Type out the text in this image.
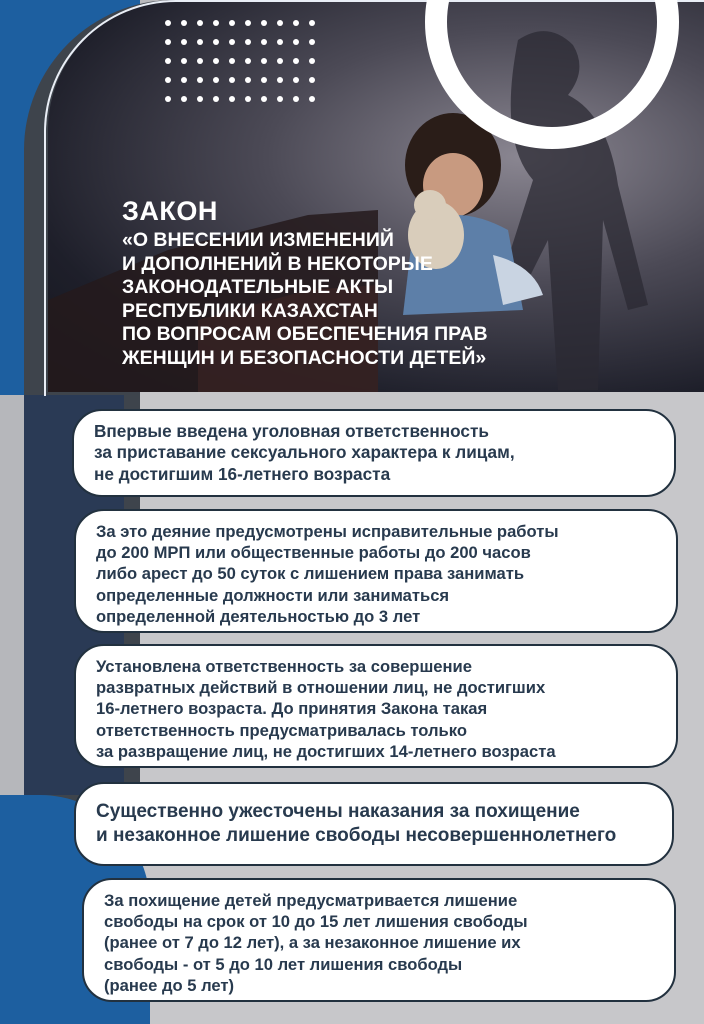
ЗАКОН
«О ВНЕСЕНИИ ИЗМЕНЕНИЙ
И ДОПОЛНЕНИЙ В НЕКОТОРЫЕ
ЗАКОНОДАТЕЛЬНЫЕ АКТЫ
РЕСПУБЛИКИ КАЗАХСТАН
ПО ВОПРОСАМ ОБЕСПЕЧЕНИЯ ПРАВ
ЖЕНЩИН И БЕЗОПАСНОСТИ ДЕТЕЙ»
Впервые введена уголовная ответственность
за приставание сексуального характера к лицам,
не достигшим 16-летнего возраста
За это деяние предусмотрены исправительные работы
до 200 МРП или общественные работы до 200 часов
либо арест до 50 суток с лишением права занимать
определенные должности или заниматься
определенной деятельностью до 3 лет
Установлена ответственность за совершение
развратных действий в отношении лиц, не достигших
16-летнего возраста. До принятия Закона такая
ответственность предусматривалась только
за развращение лиц, не достигших 14-летнего возраста
Существенно ужесточены наказания за похищение
и незаконное лишение свободы несовершеннолетнего
За похищение детей предусматривается лишение
свободы на срок от 10 до 15 лет лишения свободы
(ранее от 7 до 12 лет), а за незаконное лишение их
свободы - от 5 до 10 лет лишения свободы
(ранее до 5 лет)
